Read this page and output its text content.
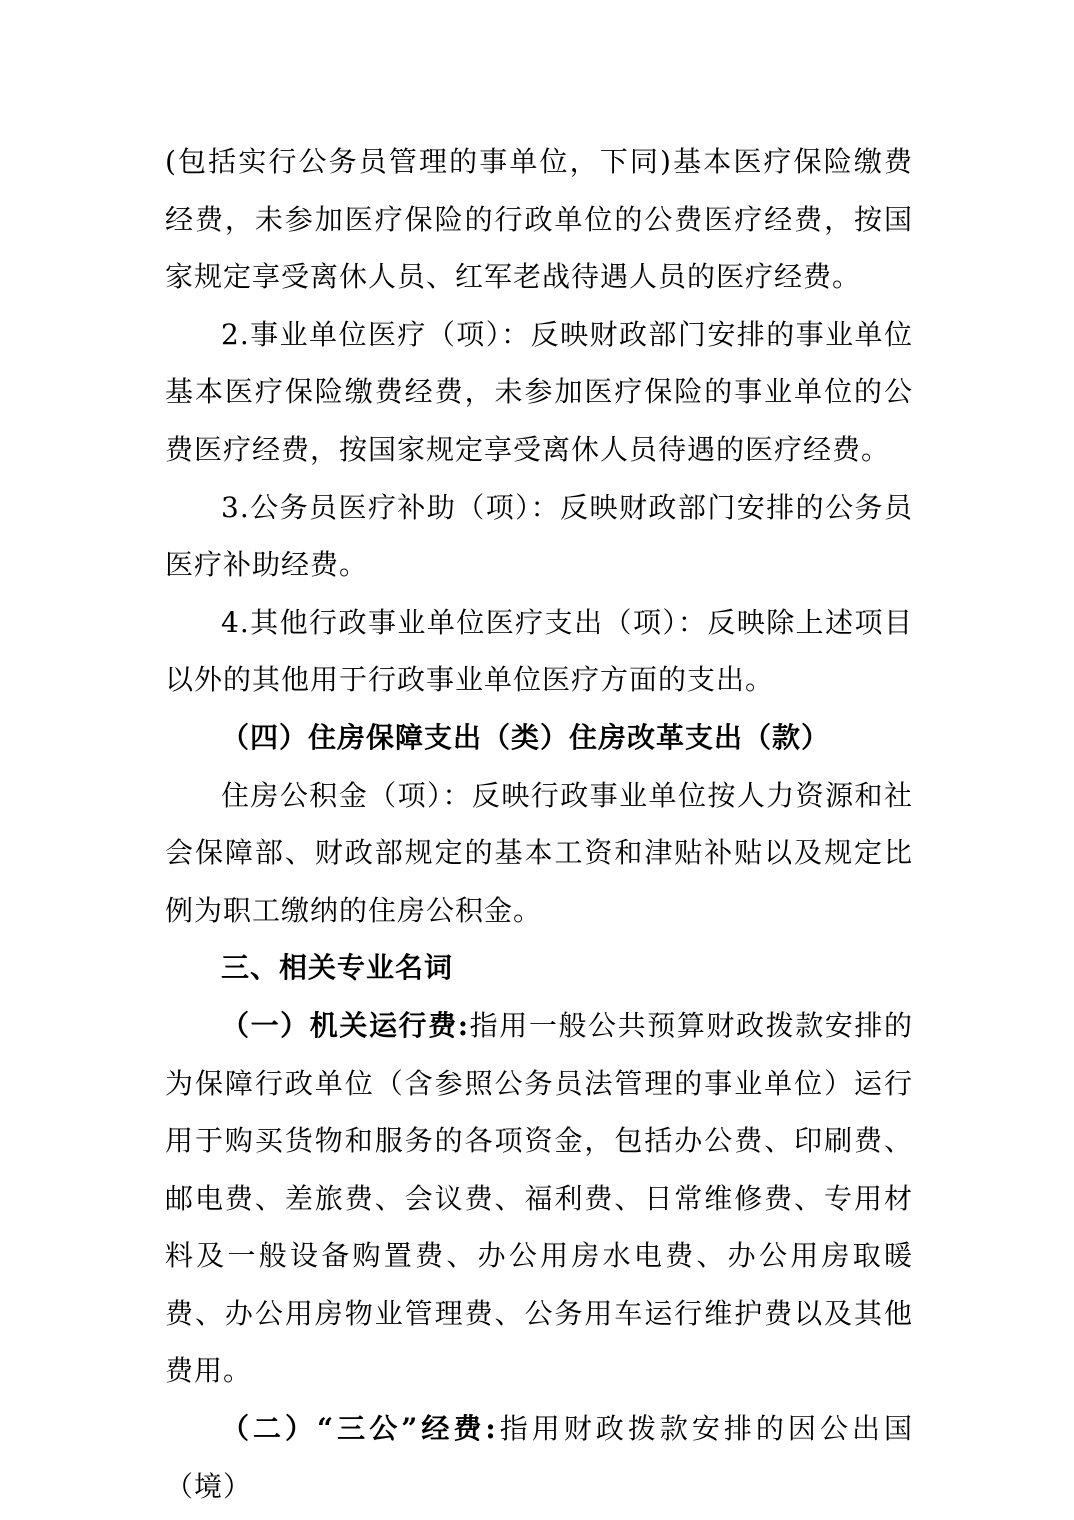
(包括实行公务员管理的事单位，下同)基本医疗保险缴费经费，未参加医疗保险的行政单位的公费医疗经费，按国家规定享受离休人员、红军老战待遇人员的医疗经费。

2.事业单位医疗（项）：反映财政部门安排的事业单位基本医疗保险缴费经费，未参加医疗保险的事业单位的公费医疗经费，按国家规定享受离休人员待遇的医疗经费。

3.公务员医疗补助（项）：反映财政部门安排的公务员医疗补助经费。

4.其他行政事业单位医疗支出（项）：反映除上述项目以外的其他用于行政事业单位医疗方面的支出。

（四）住房保障支出（类）住房改革支出（款）

住房公积金（项）：反映行政事业单位按人力资源和社会保障部、财政部规定的基本工资和津贴补贴以及规定比例为职工缴纳的住房公积金。

三、相关专业名词

（一）机关运行费:指用一般公共预算财政拨款安排的为保障行政单位（含参照公务员法管理的事业单位）运行用于购买货物和服务的各项资金，包括办公费、印刷费、邮电费、差旅费、会议费、福利费、日常维修费、专用材料及一般设备购置费、办公用房水电费、办公用房取暖费、办公用房物业管理费、公务用车运行维护费以及其他费用。

（二）“三公”经费:指用财政拨款安排的因公出国（境）
